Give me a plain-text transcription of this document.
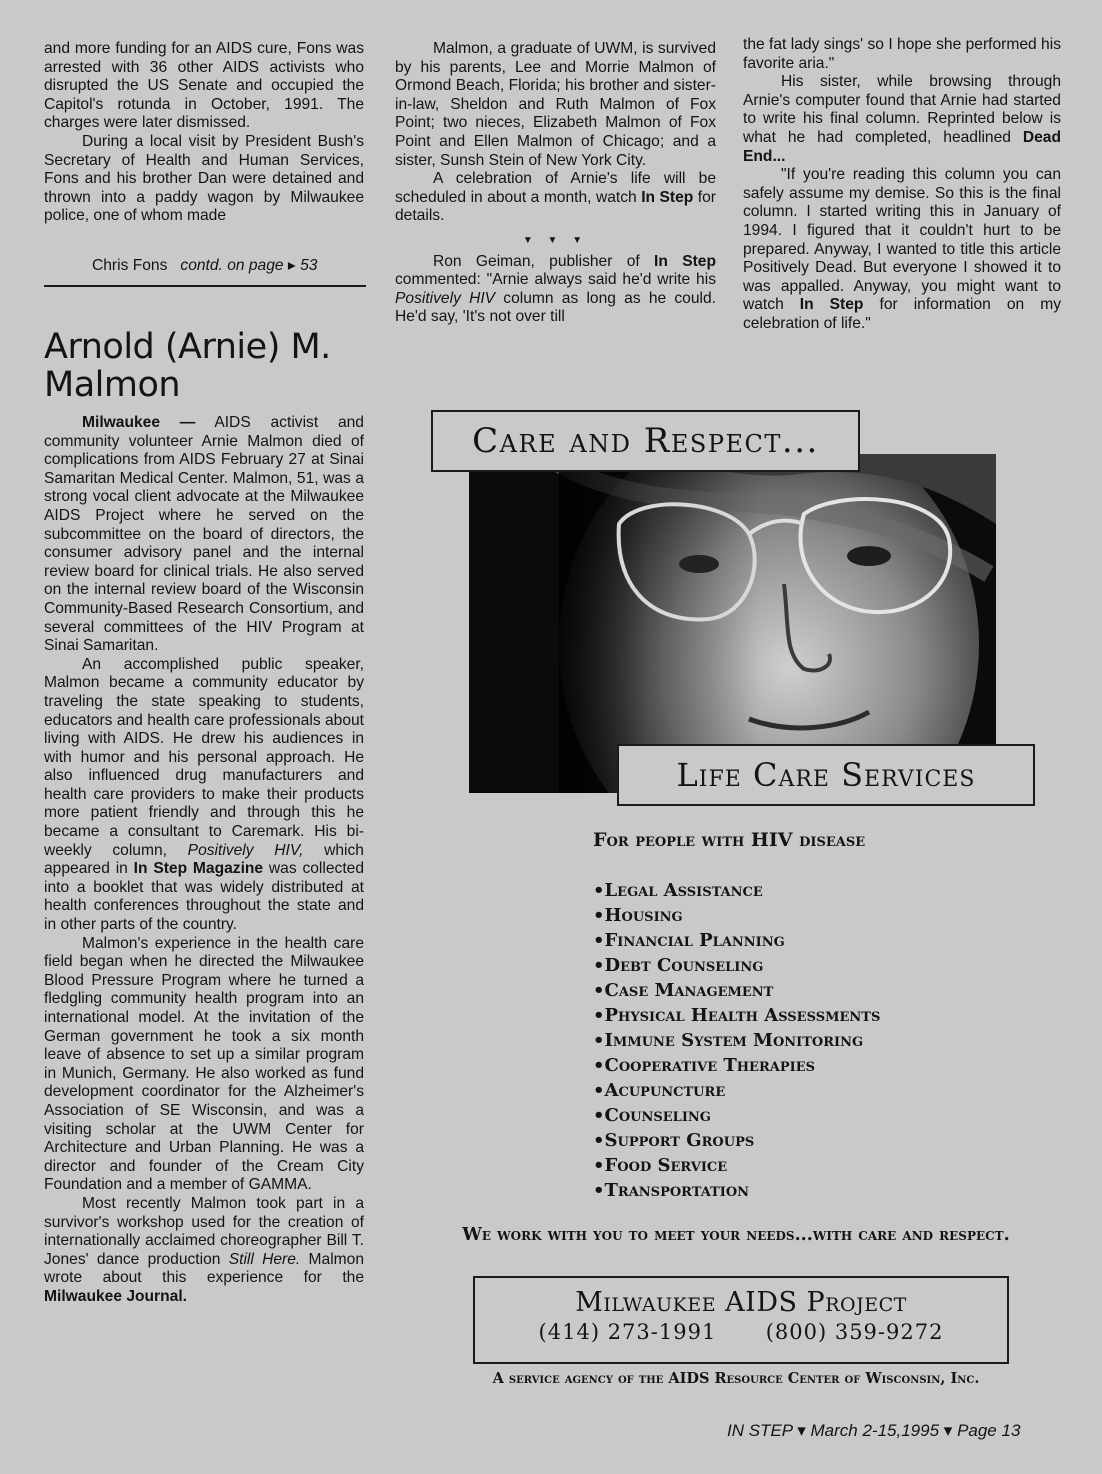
and more funding for an AIDS cure, Fons was arrested with 36 other AIDS activists who disrupted the US Senate and occupied the Capitol's rotunda in October, 1991. The charges were later dismissed.

During a local visit by President Bush's Secretary of Health and Human Services, Fons and his brother Dan were detained and thrown into a paddy wagon by Milwaukee police, one of whom made

Chris Fons contd. on page ▸ 53
Arnold (Arnie) M. Malmon

Milwaukee — AIDS activist and community volunteer Arnie Malmon died of complications from AIDS February 27 at Sinai Samaritan Medical Center. Malmon, 51, was a strong vocal client advocate at the Milwaukee AIDS Project where he served on the subcommittee on the board of directors, the consumer advisory panel and the internal review board for clinical trials. He also served on the internal review board of the Wisconsin Community-Based Research Consortium, and several committees of the HIV Program at Sinai Samaritan.

An accomplished public speaker, Malmon became a community educator by traveling the state speaking to students, educators and health care professionals about living with AIDS. He drew his audiences in with humor and his personal approach. He also influenced drug manufacturers and health care providers to make their products more patient friendly and through this he became a consultant to Caremark. His bi-weekly column, Positively HIV, which appeared in In Step Magazine was collected into a booklet that was widely distributed at health conferences throughout the state and in other parts of the country.

Malmon's experience in the health care field began when he directed the Milwaukee Blood Pressure Program where he turned a fledgling community health program into an international model. At the invitation of the German government he took a six month leave of absence to set up a similar program in Munich, Germany. He also worked as fund development coordinator for the Alzheimer's Association of SE Wisconsin, and was a visiting scholar at the UWM Center for Architecture and Urban Planning. He was a director and founder of the Cream City Foundation and a member of GAMMA.

Most recently Malmon took part in a survivor's workshop used for the creation of internationally acclaimed choreographer Bill T. Jones' dance production Still Here. Malmon wrote about this experience for the Milwaukee Journal.

Malmon, a graduate of UWM, is survived by his parents, Lee and Morrie Malmon of Ormond Beach, Florida; his brother and sister-in-law, Sheldon and Ruth Malmon of Fox Point; two nieces, Elizabeth Malmon of Fox Point and Ellen Malmon of Chicago; and a sister, Sunsh Stein of New York City.

A celebration of Arnie's life will be scheduled in about a month, watch In Step for details.

▼ ▼ ▼

Ron Geiman, publisher of In Step commented: "Arnie always said he'd write his Positively HIV column as long as he could. He'd say, 'It's not over till

the fat lady sings' so I hope she performed his favorite aria."

His sister, while browsing through Arnie's computer found that Arnie had started to write his final column. Reprinted below is what he had completed, headlined Dead End...

"If you're reading this column you can safely assume my demise. So this is the final column. I started writing this in January of 1994. I figured that it couldn't hurt to be prepared. Anyway, I wanted to title this article Positively Dead. But everyone I showed it to was appalled. Anyway, you might want to watch In Step for information on my celebration of life."

Care and Respect...
Life Care Services
For people with HIV disease
• Legal Assistance
• Housing
• Financial Planning
• Debt Counseling
• Case Management
• Physical Health Assessments
• Immune System Monitoring
• Cooperative Therapies
• Acupuncture
• Counseling
• Support Groups
• Food Service
• Transportation
We work with you to meet your needs...with care and respect.
Milwaukee AIDS Project
(414) 273-1991 (800) 359-9272
A service agency of the AIDS Resource Center of Wisconsin, Inc.
IN STEP ▾ March 2-15,1995 ▾ Page 13
